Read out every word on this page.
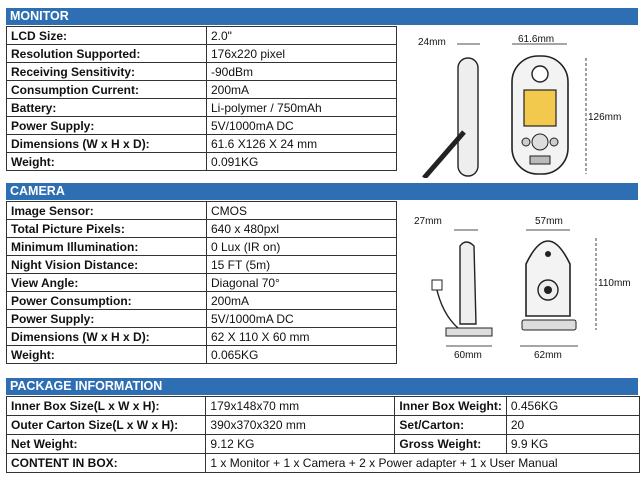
MONITOR
LCD Size:	2.0"
Resolution Supported:	176x220 pixel
Receiving Sensitivity:	-90dBm
Consumption Current:	200mA
Battery:	Li-polymer / 750mAh
Power Supply:	5V/1000mA DC
Dimensions (W x H x D):	61.6 X126 X 24 mm
Weight:	0.091KG
24mm	61.6mm
126mm
CAMERA
Image Sensor:	CMOS
Total Picture Pixels:	640 x 480pxl
Minimum Illumination:	0 Lux (IR on)
Night Vision Distance:	15 FT (5m)
View Angle:	Diagonal 70°
Power Consumption:	200mA
Power Supply:	5V/1000mA DC
Dimensions (W x H x D):	62 X 110 X 60 mm
Weight:	0.065KG
27mm
60mm
57mm
62mm
110mm
PACKAGE INFORMATION
Inner Box Size(L x W x H):	179x148x70 mm	Inner Box Weight:	0.456KG
Outer Carton Size(L x W x H):	390x370x320 mm	Set/Carton:	20
Net Weight:	9.12 KG	Gross Weight:	9.9 KG
CONTENT IN BOX:	1 x Monitor + 1 x Camera + 2 x Power adapter + 1 x User Manual		
